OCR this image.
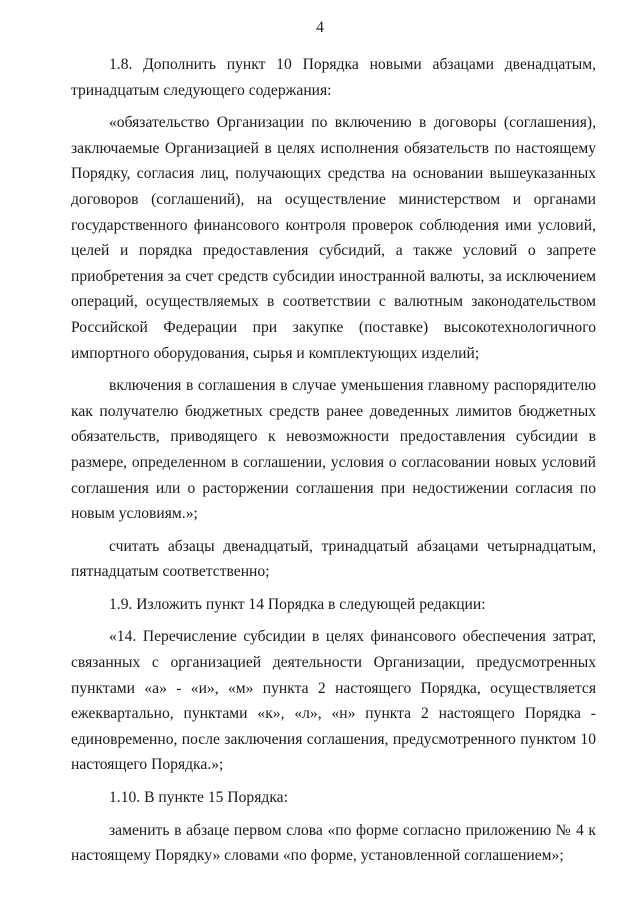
4

1.8. Дополнить пункт 10 Порядка новыми абзацами двенадцатым, тринадцатым следующего содержания:

«обязательство Организации по включению в договоры (соглашения), заключаемые Организацией в целях исполнения обязательств по настоящему Порядку, согласия лиц, получающих средства на основании вышеуказанных договоров (соглашений), на осуществление министерством и органами государственного финансового контроля проверок соблюдения ими условий, целей и порядка предоставления субсидий, а также условий о запрете приобретения за счет средств субсидии иностранной валюты, за исключением операций, осуществляемых в соответствии с валютным законодательством Российской Федерации при закупке (поставке) высокотехнологичного импортного оборудования, сырья и комплектующих изделий;

включения в соглашения в случае уменьшения главному распорядителю как получателю бюджетных средств ранее доведенных лимитов бюджетных обязательств, приводящего к невозможности предоставления субсидии в размере, определенном в соглашении, условия о согласовании новых условий соглашения или о расторжении соглашения при недостижении согласия по новым условиям.»;

считать абзацы двенадцатый, тринадцатый абзацами четырнадцатым, пятнадцатым соответственно;

1.9. Изложить пункт 14 Порядка в следующей редакции:

«14. Перечисление субсидии в целях финансового обеспечения затрат, связанных с организацией деятельности Организации, предусмотренных пунктами «а» - «и», «м» пункта 2 настоящего Порядка, осуществляется ежеквартально, пунктами «к», «л», «н» пункта 2 настоящего Порядка - единовременно, после заключения соглашения, предусмотренного пунктом 10 настоящего Порядка.»;

1.10. В пункте 15 Порядка:

заменить в абзаце первом слова «по форме согласно приложению № 4 к настоящему Порядку» словами «по форме, установленной соглашением»;
